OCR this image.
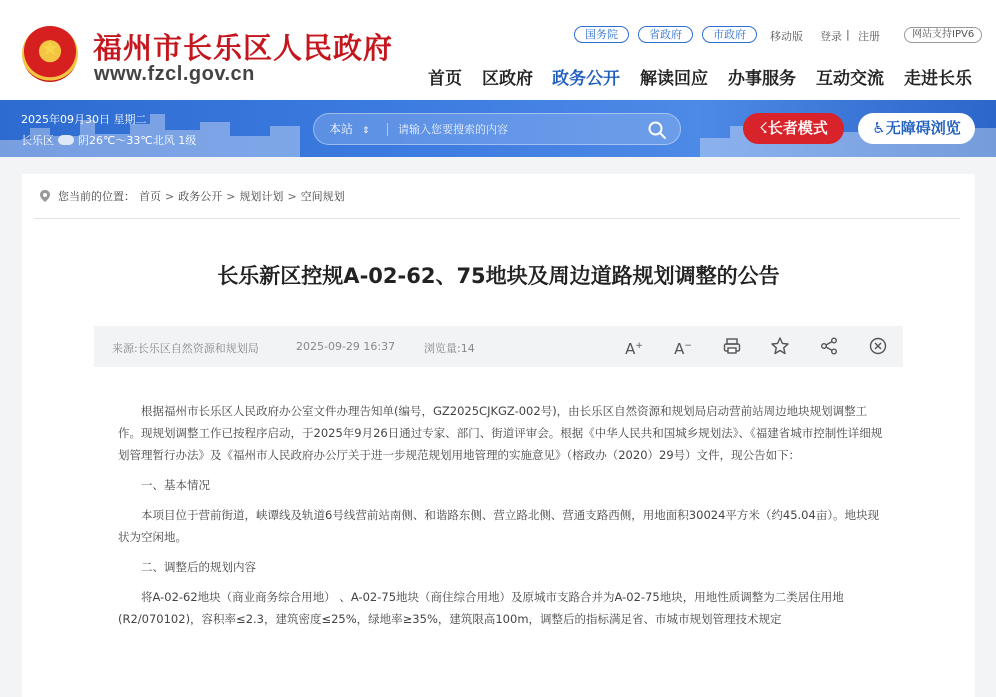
★ 福州市长乐区人民政府
www.fzcl.gov.cn
国务院	省政府	市政府	移动版 登录 | 注册	网站支持IPV6
首页 区政府 政务公开 解读回应 办事服务 互动交流 走进长乐
2025年09月30日 星期二
长乐区 阴26℃～33℃北风 1级
本站 ⇕
请输入您要搜索的内容	☇长者模式	♿无障碍浏览
您当前的位置： 首页 > 政务公开 > 规划计划 > 空间规划
长乐新区控规A-02-62、75地块及周边道路规划调整的公告
来源:长乐区自然资源和规划局	2025-09-29 16:37	浏览量:14	A+ A−

根据福州市长乐区人民政府办公室文件办理告知单(编号，GZ2025CJKGZ-002号)，由长乐区自然资源和规划局启动营前站周边地块规划调整工作。现规划调整工作已按程序启动，于2025年9月26日通过专家、部门、街道评审会。根据《中华人民共和国城乡规划法》、《福建省城市控制性详细规划管理暂行办法》及《福州市人民政府办公厅关于进一步规范规划用地管理的实施意见》（榕政办（2020）29号）文件，现公告如下：

一、基本情况

本项目位于营前街道，峡谭线及轨道6号线营前站南侧、和谐路东侧、营立路北侧、营通支路西侧，用地面积30024平方米（约45.04亩）。地块现状为空闲地。

二、调整后的规划内容

将A-02-62地块（商业商务综合用地） 、A-02-75地块（商住综合用地）及原城市支路合并为A-02-75地块，用地性质调整为二类居住用地(R2/070102)，容积率≤2.3，建筑密度≤25%，绿地率≥35%，建筑限高100m，调整后的指标满足省、市城市规划管理技术规定
